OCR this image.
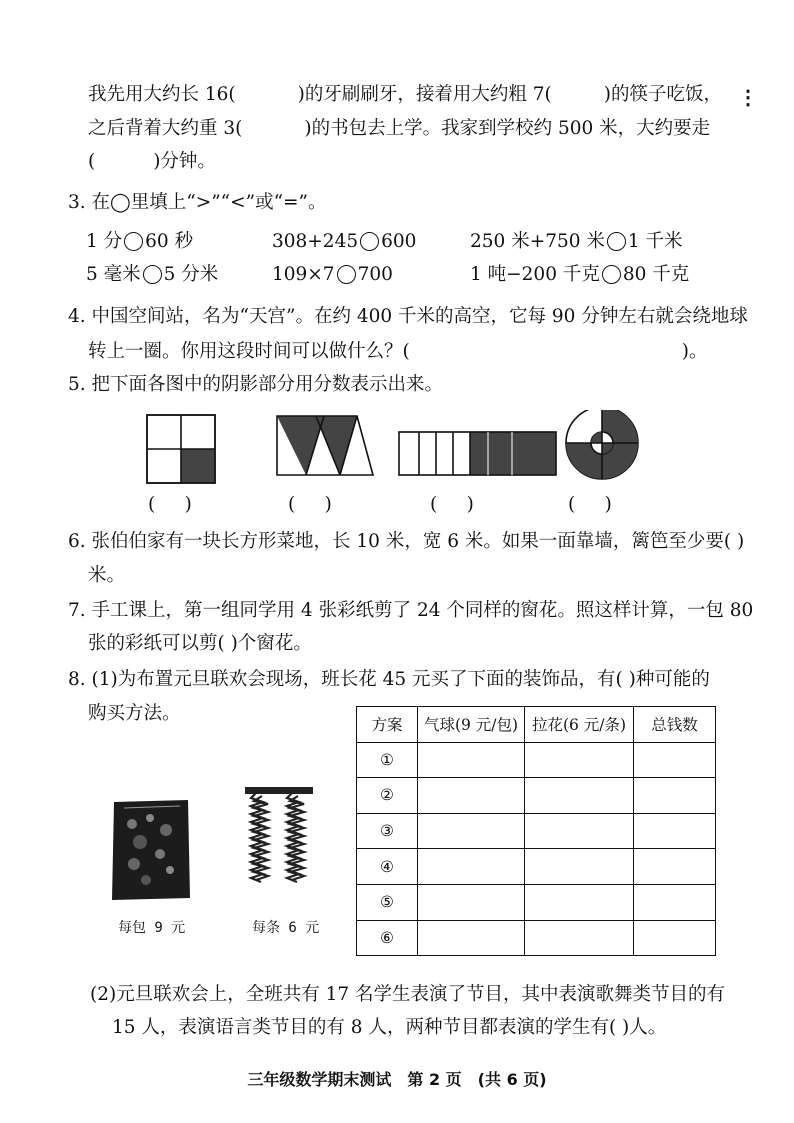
我先用大约长 16(	)的牙刷刷牙，接着用大约粗 7(	)的筷子吃饭， ⋮
之后背着大约重 3(	)的书包去上学。我家到学校约 500 米，大约要走
(	)分钟。
3. 在◯里填上“>”“<”或“=”。
1 分 60 秒	308+245 600	250 米+750 米 1 千米
5 毫米 5 分米	109×7 700	1 吨−200 千克 80 千克
4. 中国空间站，名为“天宫”。在约 400 千米的高空，它每 90 分钟左右就会绕地球
转上一圈。你用这段时间可以做什么？(	)。
5. 把下面各图中的阴影部分用分数表示出来。
(     )	(     )	(     )	(     )
6. 张伯伯家有一块长方形菜地，长 10 米，宽 6 米。如果一面靠墙，篱笆至少要( )
米。
7. 手工课上，第一组同学用 4 张彩纸剪了 24 个同样的窗花。照这样计算，一包 80
张的彩纸可以剪( )个窗花。
8. (1)为布置元旦联欢会现场，班长花 45 元买了下面的装饰品，有( )种可能的
购买方法。
每包 9 元	每条 6 元
方案	气球(9 元/包)	拉花(6 元/条)	总钱数
①			
②			
③			
④			
⑤			
⑥			
(2)元旦联欢会上，全班共有 17 名学生表演了节目，其中表演歌舞类节目的有
15 人，表演语言类节目的有 8 人，两种节目都表演的学生有( )人。
三年级数学期末测试　第 2 页　(共 6 页)
